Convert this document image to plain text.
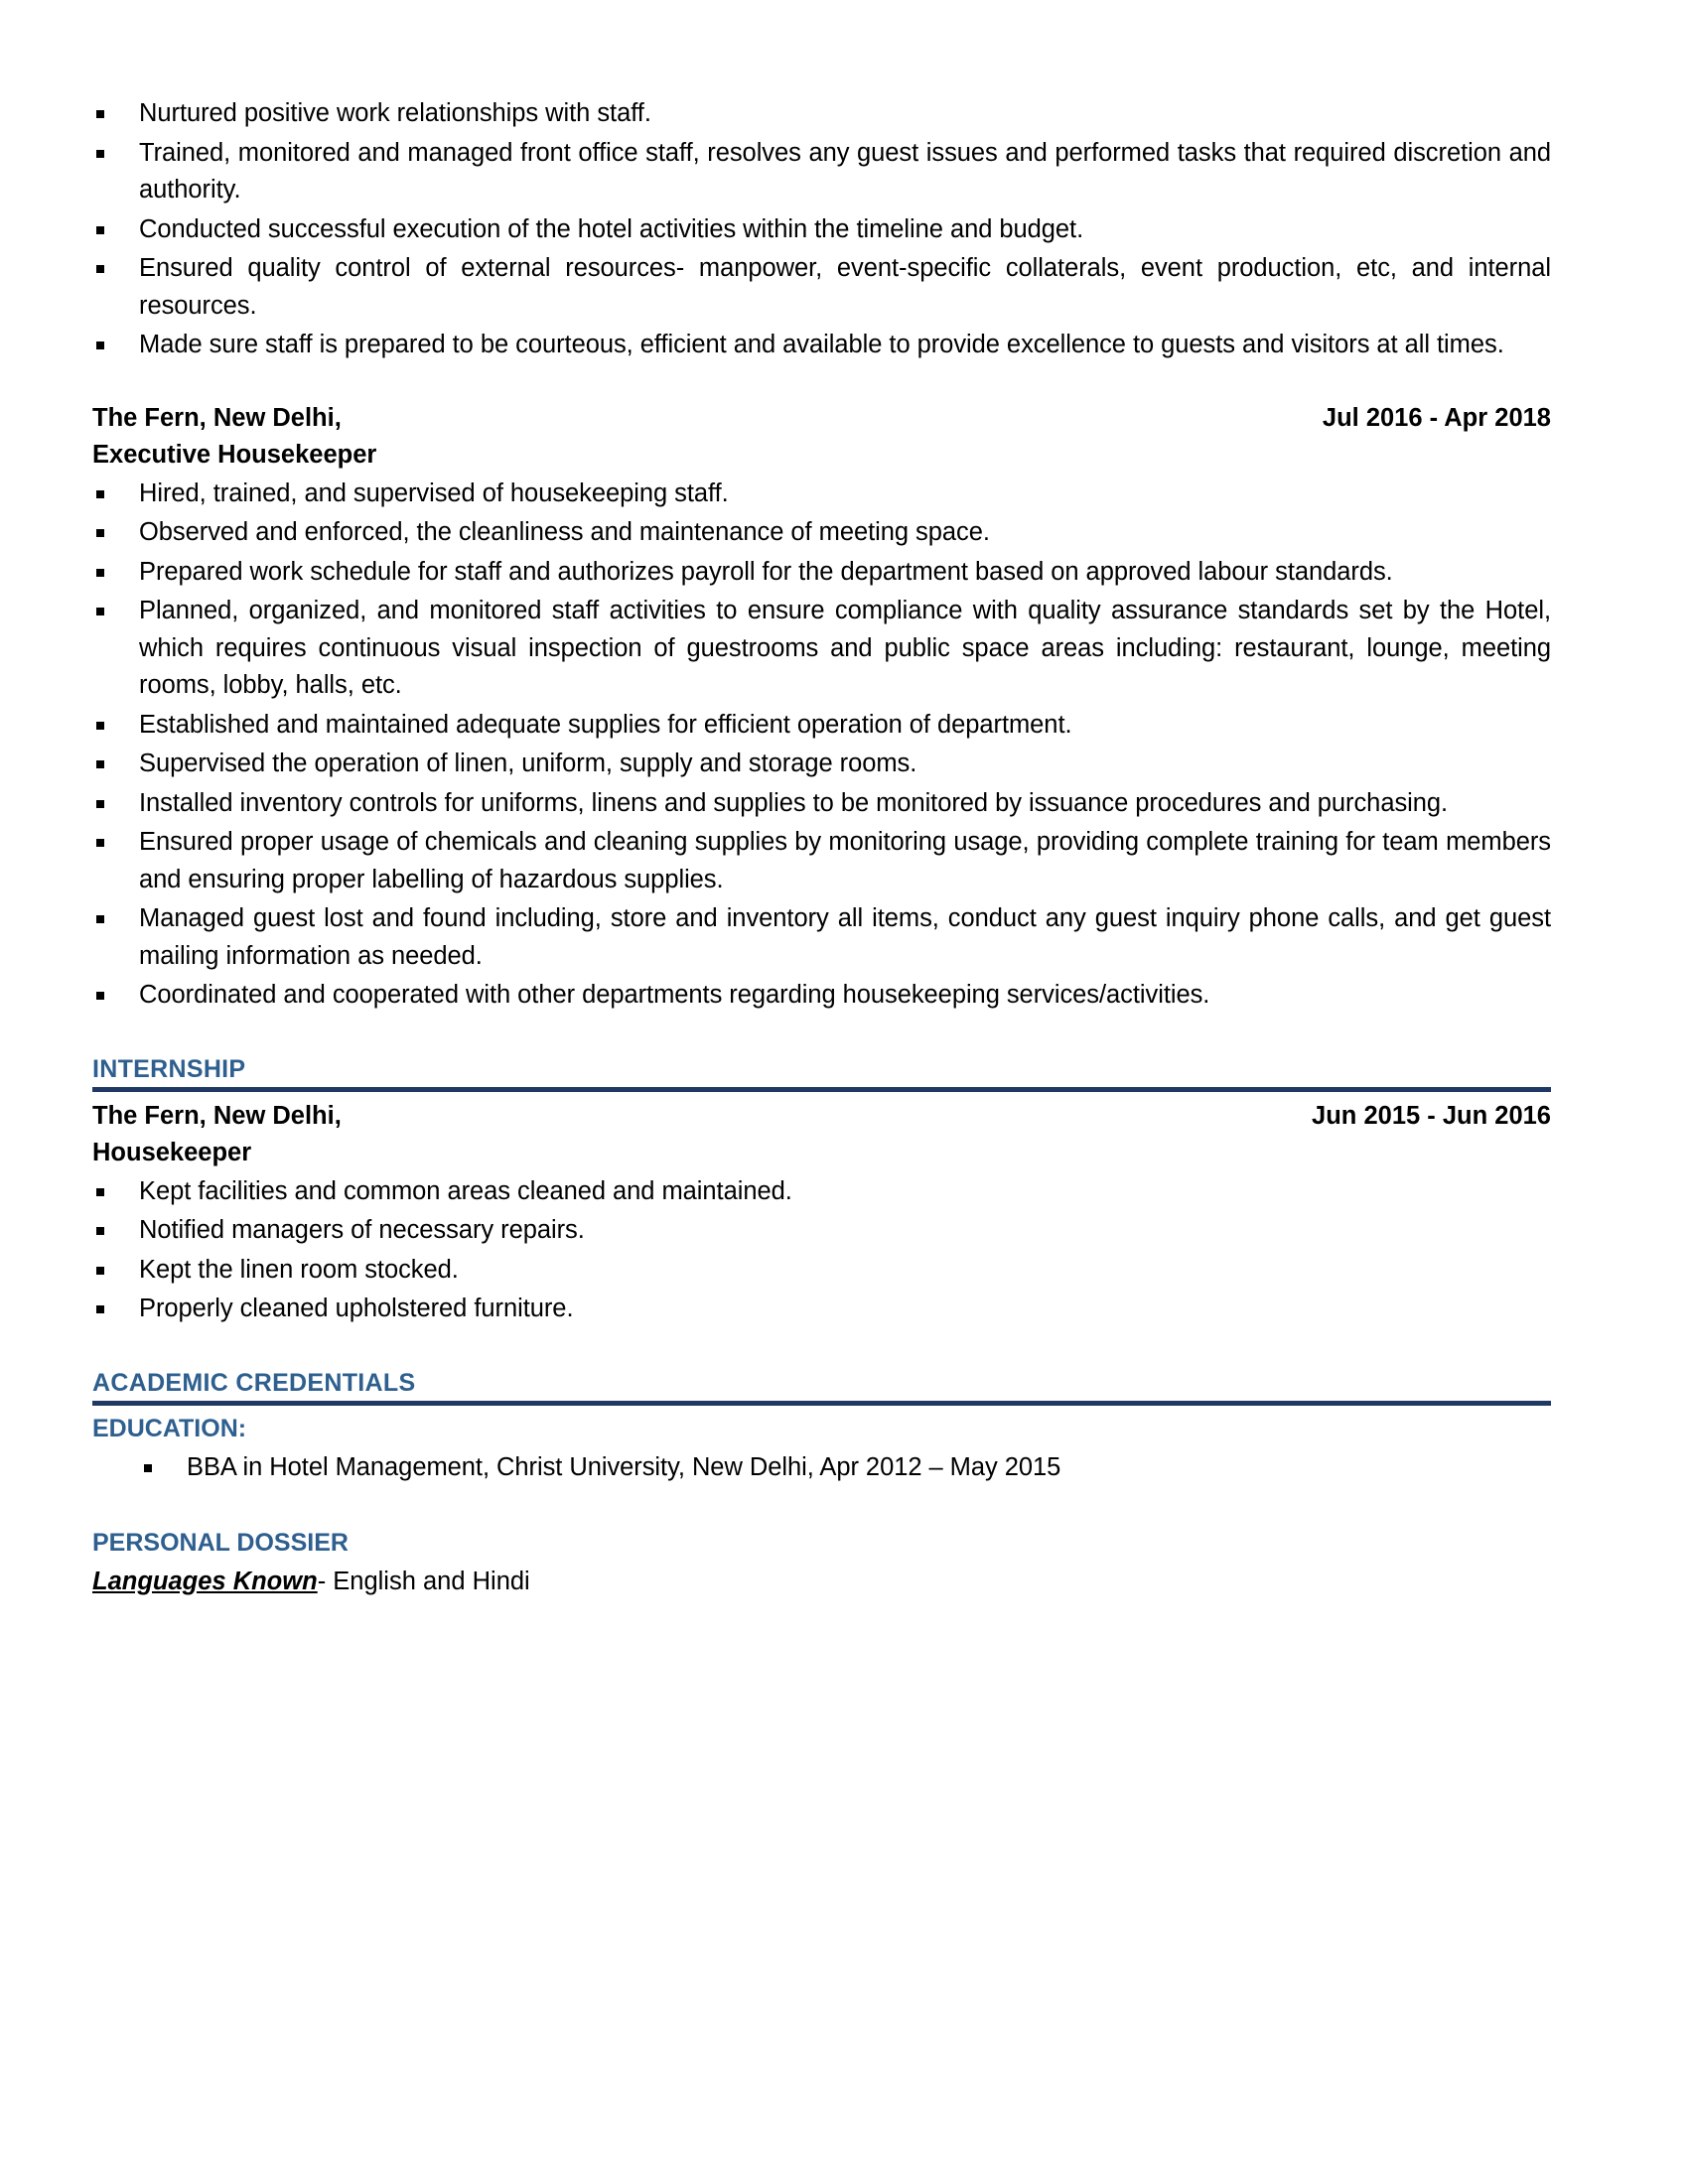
Nurtured positive work relationships with staff.
Trained, monitored and managed front office staff, resolves any guest issues and performed tasks that required discretion and authority.
Conducted successful execution of the hotel activities within the timeline and budget.
Ensured quality control of external resources- manpower, event-specific collaterals, event production, etc, and internal resources.
Made sure staff is prepared to be courteous, efficient and available to provide excellence to guests and visitors at all times.
The Fern, New Delhi,	Jul 2016 - Apr 2018
Executive Housekeeper
Hired, trained, and supervised of housekeeping staff.
Observed and enforced, the cleanliness and maintenance of meeting space.
Prepared work schedule for staff and authorizes payroll for the department based on approved labour standards.
Planned, organized, and monitored staff activities to ensure compliance with quality assurance standards set by the Hotel, which requires continuous visual inspection of guestrooms and public space areas including: restaurant, lounge, meeting rooms, lobby, halls, etc.
Established and maintained adequate supplies for efficient operation of department.
Supervised the operation of linen, uniform, supply and storage rooms.
Installed inventory controls for uniforms, linens and supplies to be monitored by issuance procedures and purchasing.
Ensured proper usage of chemicals and cleaning supplies by monitoring usage, providing complete training for team members and ensuring proper labelling of hazardous supplies.
Managed guest lost and found including, store and inventory all items, conduct any guest inquiry phone calls, and get guest mailing information as needed.
Coordinated and cooperated with other departments regarding housekeeping services/activities.
INTERNSHIP
The Fern, New Delhi,	Jun 2015 - Jun 2016
Housekeeper
Kept facilities and common areas cleaned and maintained.
Notified managers of necessary repairs.
Kept the linen room stocked.
Properly cleaned upholstered furniture.
ACADEMIC CREDENTIALS
EDUCATION:
BBA in Hotel Management, Christ University, New Delhi, Apr 2012 – May 2015
PERSONAL DOSSIER
Languages Known- English and Hindi
